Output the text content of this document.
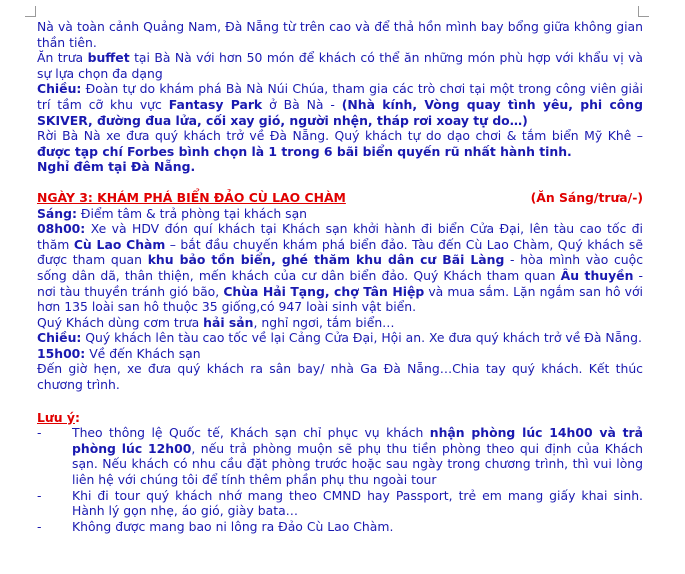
Nà và toàn cảnh Quảng Nam, Đà Nẵng từ trên cao và để thả hồn mình bay bổng giữa không gian thần tiên.

Ăn trưa buffet tại Bà Nà với hơn 50 món để khách có thể ăn những món phù hợp với khẩu vị và sự lựa chọn đa dạng

Chiều: Đoàn tự do khám phá Bà Nà Núi Chúa, tham gia các trò chơi tại một trong công viên giải trí tầm cỡ khu vực Fantasy Park ở Bà Nà - (Nhà kính, Vòng quay tình yêu, phi công SKIVER, đường đua lửa, cối xay gió, người nhện, tháp rơi xoay tự do…)

Rời Bà Nà xe đưa quý khách trở về Đà Nẵng. Quý khách tự do dạo chơi & tắm biển Mỹ Khê – được tạp chí Forbes bình chọn là 1 trong 6 bãi biển quyến rũ nhất hành tinh.

Nghỉ đêm tại Đà Nẵng.

NGÀY 3: KHÁM PHÁ BIỂN ĐẢO CÙ LAO CHÀM	(Ăn Sáng/trưa/-)

Sáng: Điểm tâm & trả phòng tại khách sạn

08h00: Xe và HDV đón quí khách tại Khách sạn khởi hành đi biển Cửa Đại, lên tàu cao tốc đi thăm Cù Lao Chàm – bắt đầu chuyến khám phá biển đảo. Tàu đến Cù Lao Chàm, Quý khách sẽ được tham quan khu bảo tồn biển, ghé thăm khu dân cư Bãi Làng - hòa mình vào cuộc sống dân dã, thân thiện, mến khách của cư dân biển đảo. Quý Khách tham quan Âu thuyền - nơi tàu thuyền tránh gió bão, Chùa Hải Tạng, chợ Tân Hiệp và mua sắm. Lặn ngắm san hô với hơn 135 loài san hô thuộc 35 giống,có 947 loài sinh vật biển.

Quý Khách dùng cơm trưa hải sản, nghỉ ngơi, tắm biển…

Chiều: Quý khách lên tàu cao tốc về lại Cảng Cửa Đại, Hội an. Xe đưa quý khách trở về Đà Nẵng.

15h00: Về đến Khách sạn

Đến giờ hẹn, xe đưa quý khách ra sân bay/ nhà Ga Đà Nẵng…Chia tay quý khách. Kết thúc chương trình.

Lưu ý:

- Theo thông lệ Quốc tế, Khách sạn chỉ phục vụ khách nhận phòng lúc 14h00 và trả phòng lúc 12h00, nếu trả phòng muộn sẽ phụ thu tiền phòng theo qui định của Khách sạn. Nếu khách có nhu cầu đặt phòng trước hoặc sau ngày trong chương trình, thì vui lòng liên hệ với chúng tôi để tính thêm phần phụ thu ngoài tour
- Khi đi tour quý khách nhớ mang theo CMND hay Passport, trẻ em mang giấy khai sinh. Hành lý gọn nhẹ, áo gió, giày bata…
- Không được mang bao ni lông ra Đảo Cù Lao Chàm.
